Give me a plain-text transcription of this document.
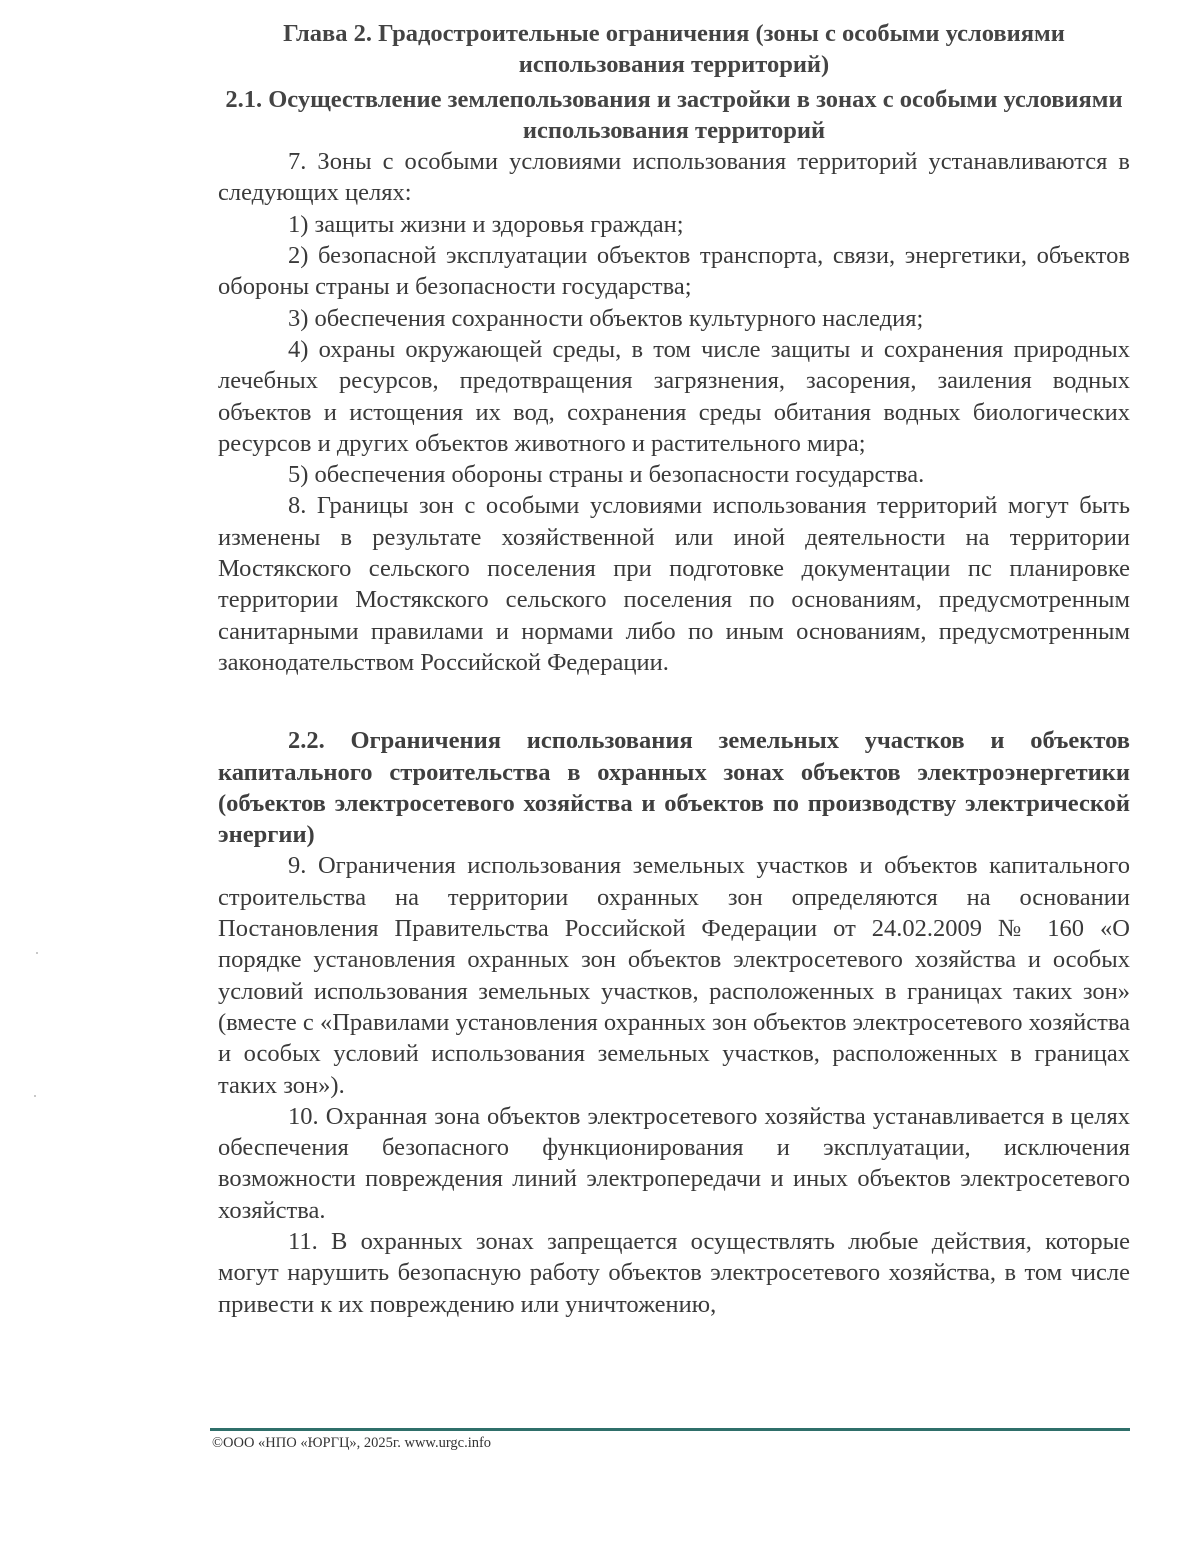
Глава 2. Градостроительные ограничения (зоны с особыми условиями использования территорий)

2.1. Осуществление землепользования и застройки в зонах с особыми условиями использования территорий

7. Зоны с особыми условиями использования территорий устанавливаются в следующих целях:

1) защиты жизни и здоровья граждан;

2) безопасной эксплуатации объектов транспорта, связи, энергетики, объектов обороны страны и безопасности государства;

3) обеспечения сохранности объектов культурного наследия;

4) охраны окружающей среды, в том числе защиты и сохранения природных лечебных ресурсов, предотвращения загрязнения, засорения, заиления водных объектов и истощения их вод, сохранения среды обитания водных биологических ресурсов и других объектов животного и растительного мира;

5) обеспечения обороны страны и безопасности государства.

8. Границы зон с особыми условиями использования территорий могут быть изменены в результате хозяйственной или иной деятельности на территории Мостякского сельского поселения при подготовке документации пс планировке территории Мостякского сельского поселения по основаниям, предусмотренным санитарными правилами и нормами либо по иным основаниям, предусмотренным законодательством Российской Федерации.

2.2. Ограничения использования земельных участков и объектов капитального строительства в охранных зонах объектов электроэнергетики (объектов электросетевого хозяйства и объектов по производству электрической энергии)

9. Ограничения использования земельных участков и объектов капитального строительства на территории охранных зон определяются на основании Постановления Правительства Российской Федерации от 24.02.2009 № 160 «О порядке установления охранных зон объектов электросетевого хозяйства и особых условий использования земельных участков, расположенных в границах таких зон» (вместе с «Правилами установления охранных зон объектов электросетевого хозяйства и особых условий использования земельных участков, расположенных в границах таких зон»).

10. Охранная зона объектов электросетевого хозяйства устанавливается в целях обеспечения безопасного функционирования и эксплуатации, исключения возможности повреждения линий электропередачи и иных объектов электросетевого хозяйства.

11. В охранных зонах запрещается осуществлять любые действия, которые могут нарушить безопасную работу объектов электросетевого хозяйства, в том числе привести к их повреждению или уничтожению,

©ООО «НПО «ЮРГЦ», 2025г. www.urgc.info
